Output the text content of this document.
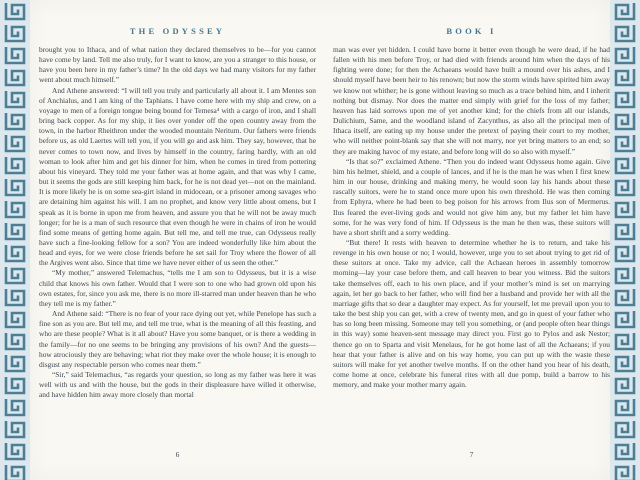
THE ODYSSEY

brought you to Ithaca, and of what nation they declared themselves to be—for you cannot have come by land. Tell me also truly, for I want to know, are you a stranger to this house, or have you been here in my father’s time? In the old days we had many visitors for my father went about much himself.”

And Athene answered: “I will tell you truly and particularly all about it. I am Mentes son of Anchialus, and I am king of the Taphians. I have come here with my ship and crew, on a voyage to men of a foreign tongue being bound for Temesa⁴ with a cargo of iron, and I shall bring back copper. As for my ship, it lies over yonder off the open country away from the town, in the harbor Rheithron under the wooded mountain Neritum. Our fathers were friends before us, as old Laertes will tell you, if you will go and ask him. They say, however, that he never comes to town now, and lives by himself in the country, faring hardly, with an old woman to look after him and get his dinner for him, when he comes in tired from pottering about his vineyard. They told me your father was at home again, and that was why I came, but it seems the gods are still keeping him back, for he is not dead yet—not on the mainland. It is more likely he is on some sea-girt island in midocean, or a prisoner among savages who are detaining him against his will. I am no prophet, and know very little about omens, but I speak as it is borne in upon me from heaven, and assure you that he will not be away much longer; for he is a man of such resource that even though he were in chains of iron he would find some means of getting home again. But tell me, and tell me true, can Odysseus really have such a fine-looking fellow for a son? You are indeed wonderfully like him about the head and eyes, for we were close friends before he set sail for Troy where the flower of all the Argives went also. Since that time we have never either of us seen the other.”

“My mother,” answered Telemachus, “tells me I am son to Odysseus, but it is a wise child that knows his own father. Would that I were son to one who had grown old upon his own estates, for, since you ask me, there is no more ill-starred man under heaven than he who they tell me is my father.”

And Athene said: “There is no fear of your race dying out yet, while Penelope has such a fine son as you are. But tell me, and tell me true, what is the meaning of all this feasting, and who are these people? What is it all about? Have you some banquet, or is there a wedding in the family—for no one seems to be bringing any provisions of his own? And the guests—how atrociously they are behaving; what riot they make over the whole house; it is enough to disgust any respectable person who comes near them.”

“Sir,” said Telemachus, “as regards your question, so long as my father was here it was well with us and with the house, but the gods in their displeasure have willed it otherwise, and have hidden him away more closely than mortal

6
BOOK I

man was ever yet hidden. I could have borne it better even though he were dead, if he had fallen with his men before Troy, or had died with friends around him when the days of his fighting were done; for then the Achaeans would have built a mound over his ashes, and I should myself have been heir to his renown; but now the storm winds have spirited him away we know not whither; he is gone without leaving so much as a trace behind him, and I inherit nothing but dismay. Nor does the matter end simply with grief for the loss of my father; heaven has laid sorrows upon me of yet another kind; for the chiefs from all our islands, Dulichium, Same, and the woodland island of Zacynthus, as also all the principal men of Ithaca itself, are eating up my house under the pretext of paying their court to my mother, who will neither point-blank say that she will not marry, nor yet bring matters to an end; so they are making havoc of my estate, and before long will do so also with myself.”

“Is that so?” exclaimed Athene. “Then you do indeed want Odysseus home again. Give him his helmet, shield, and a couple of lances, and if he is the man he was when I first knew him in our house, drinking and making merry, he would soon lay his hands about these rascally suitors, were he to stand once more upon his own threshold. He was then coming from Ephyra, where he had been to beg poison for his arrows from Ilus son of Mermerus. Ilus feared the ever-living gods and would not give him any, but my father let him have some, for he was very fond of him. If Odysseus is the man he then was, these suitors will have a short shrift and a sorry wedding.

“But there! It rests with heaven to determine whether he is to return, and take his revenge in his own house or no; I would, however, urge you to set about trying to get rid of these suitors at once. Take my advice, call the Achaean heroes in assembly tomorrow morning—lay your case before them, and call heaven to bear you witness. Bid the suitors take themselves off, each to his own place, and if your mother’s mind is set on marrying again, let her go back to her father, who will find her a husband and provide her with all the marriage gifts that so dear a daughter may expect. As for yourself, let me prevail upon you to take the best ship you can get, with a crew of twenty men, and go in quest of your father who has so long been missing. Someone may tell you something, or (and people often hear things in this way) some heaven-sent message may direct you. First go to Pylos and ask Nestor; thence go on to Sparta and visit Menelaus, for he got home last of all the Achaeans; if you hear that your father is alive and on his way home, you can put up with the waste these suitors will make for yet another twelve months. If on the other hand you hear of his death, come home at once, celebrate his funeral rites with all due pomp, build a barrow to his memory, and make your mother marry again.

7
